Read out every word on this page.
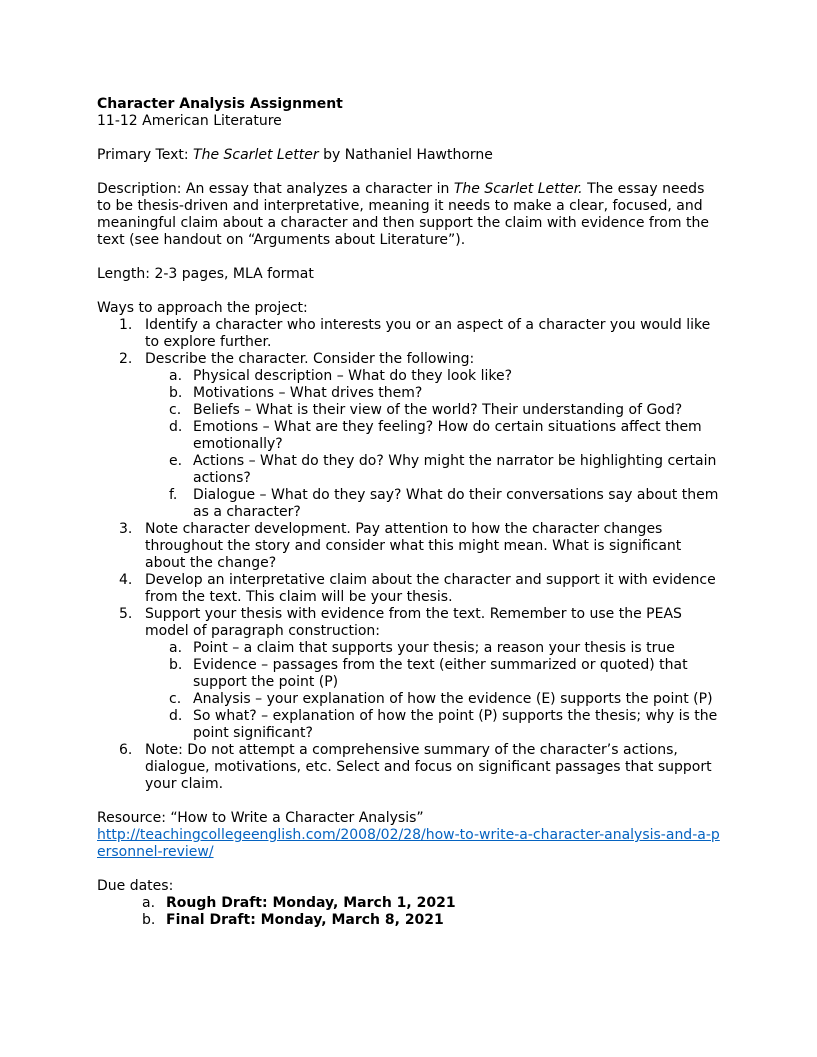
Character Analysis Assignment
11-12 American Literature
Primary Text: The Scarlet Letter by Nathaniel Hawthorne
Description: An essay that analyzes a character in The Scarlet Letter. The essay needs to be thesis-driven and interpretative, meaning it needs to make a clear, focused, and meaningful claim about a character and then support the claim with evidence from the text (see handout on “Arguments about Literature”).
Length: 2-3 pages, MLA format
Ways to approach the project:
1. Identify a character who interests you or an aspect of a character you would like to explore further.
2. Describe the character. Consider the following:
a. Physical description – What do they look like?
b. Motivations – What drives them?
c. Beliefs – What is their view of the world? Their understanding of God?
d. Emotions – What are they feeling? How do certain situations affect them emotionally?
e. Actions – What do they do? Why might the narrator be highlighting certain actions?
f. Dialogue – What do they say? What do their conversations say about them as a character?
3. Note character development. Pay attention to how the character changes throughout the story and consider what this might mean. What is significant about the change?
4. Develop an interpretative claim about the character and support it with evidence from the text. This claim will be your thesis.
5. Support your thesis with evidence from the text. Remember to use the PEAS model of paragraph construction:
a. Point – a claim that supports your thesis; a reason your thesis is true
b. Evidence – passages from the text (either summarized or quoted) that support the point (P)
c. Analysis – your explanation of how the evidence (E) supports the point (P)
d. So what? – explanation of how the point (P) supports the thesis; why is the point significant?
6. Note: Do not attempt a comprehensive summary of the character’s actions, dialogue, motivations, etc. Select and focus on significant passages that support your claim.
Resource: “How to Write a Character Analysis”
http://teachingcollegeenglish.com/2008/02/28/how-to-write-a-character-analysis-and-a-personnel-review/
Due dates:
a. Rough Draft: Monday, March 1, 2021
b. Final Draft: Monday, March 8, 2021
